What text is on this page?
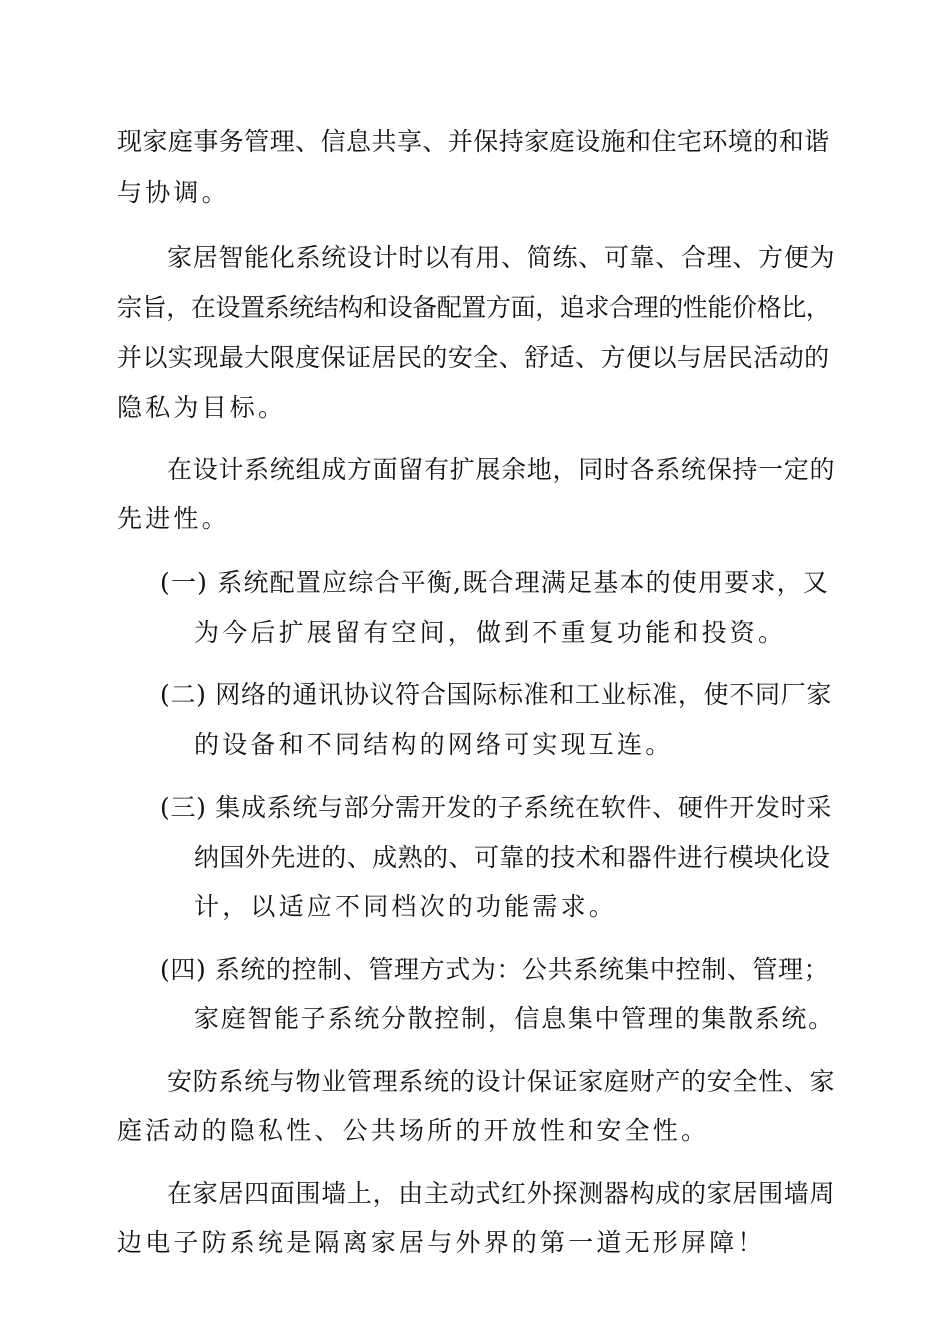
现家庭事务管理、信息共享、并保持家庭设施和住宅环境的和谐
与协调。
家居智能化系统设计时以有用、简练、可靠、合理、方便为
宗旨，在设置系统结构和设备配置方面，追求合理的性能价格比，
并以实现最大限度保证居民的安全、舒适、方便以与居民活动的
隐私为目标。
在设计系统组成方面留有扩展余地，同时各系统保持一定的
先进性。
(一) 系统配置应综合平衡,既合理满足基本的使用要求，又
为今后扩展留有空间，做到不重复功能和投资。
(二) 网络的通讯协议符合国际标准和工业标准，使不同厂家
的设备和不同结构的网络可实现互连。
(三) 集成系统与部分需开发的子系统在软件、硬件开发时采
纳国外先进的、成熟的、可靠的技术和器件进行模块化设
计，以适应不同档次的功能需求。
(四) 系统的控制、管理方式为：公共系统集中控制、管理；
家庭智能子系统分散控制，信息集中管理的集散系统。
安防系统与物业管理系统的设计保证家庭财产的安全性、家
庭活动的隐私性、公共场所的开放性和安全性。
在家居四面围墙上，由主动式红外探测器构成的家居围墙周
边电子防系统是隔离家居与外界的第一道无形屏障！
